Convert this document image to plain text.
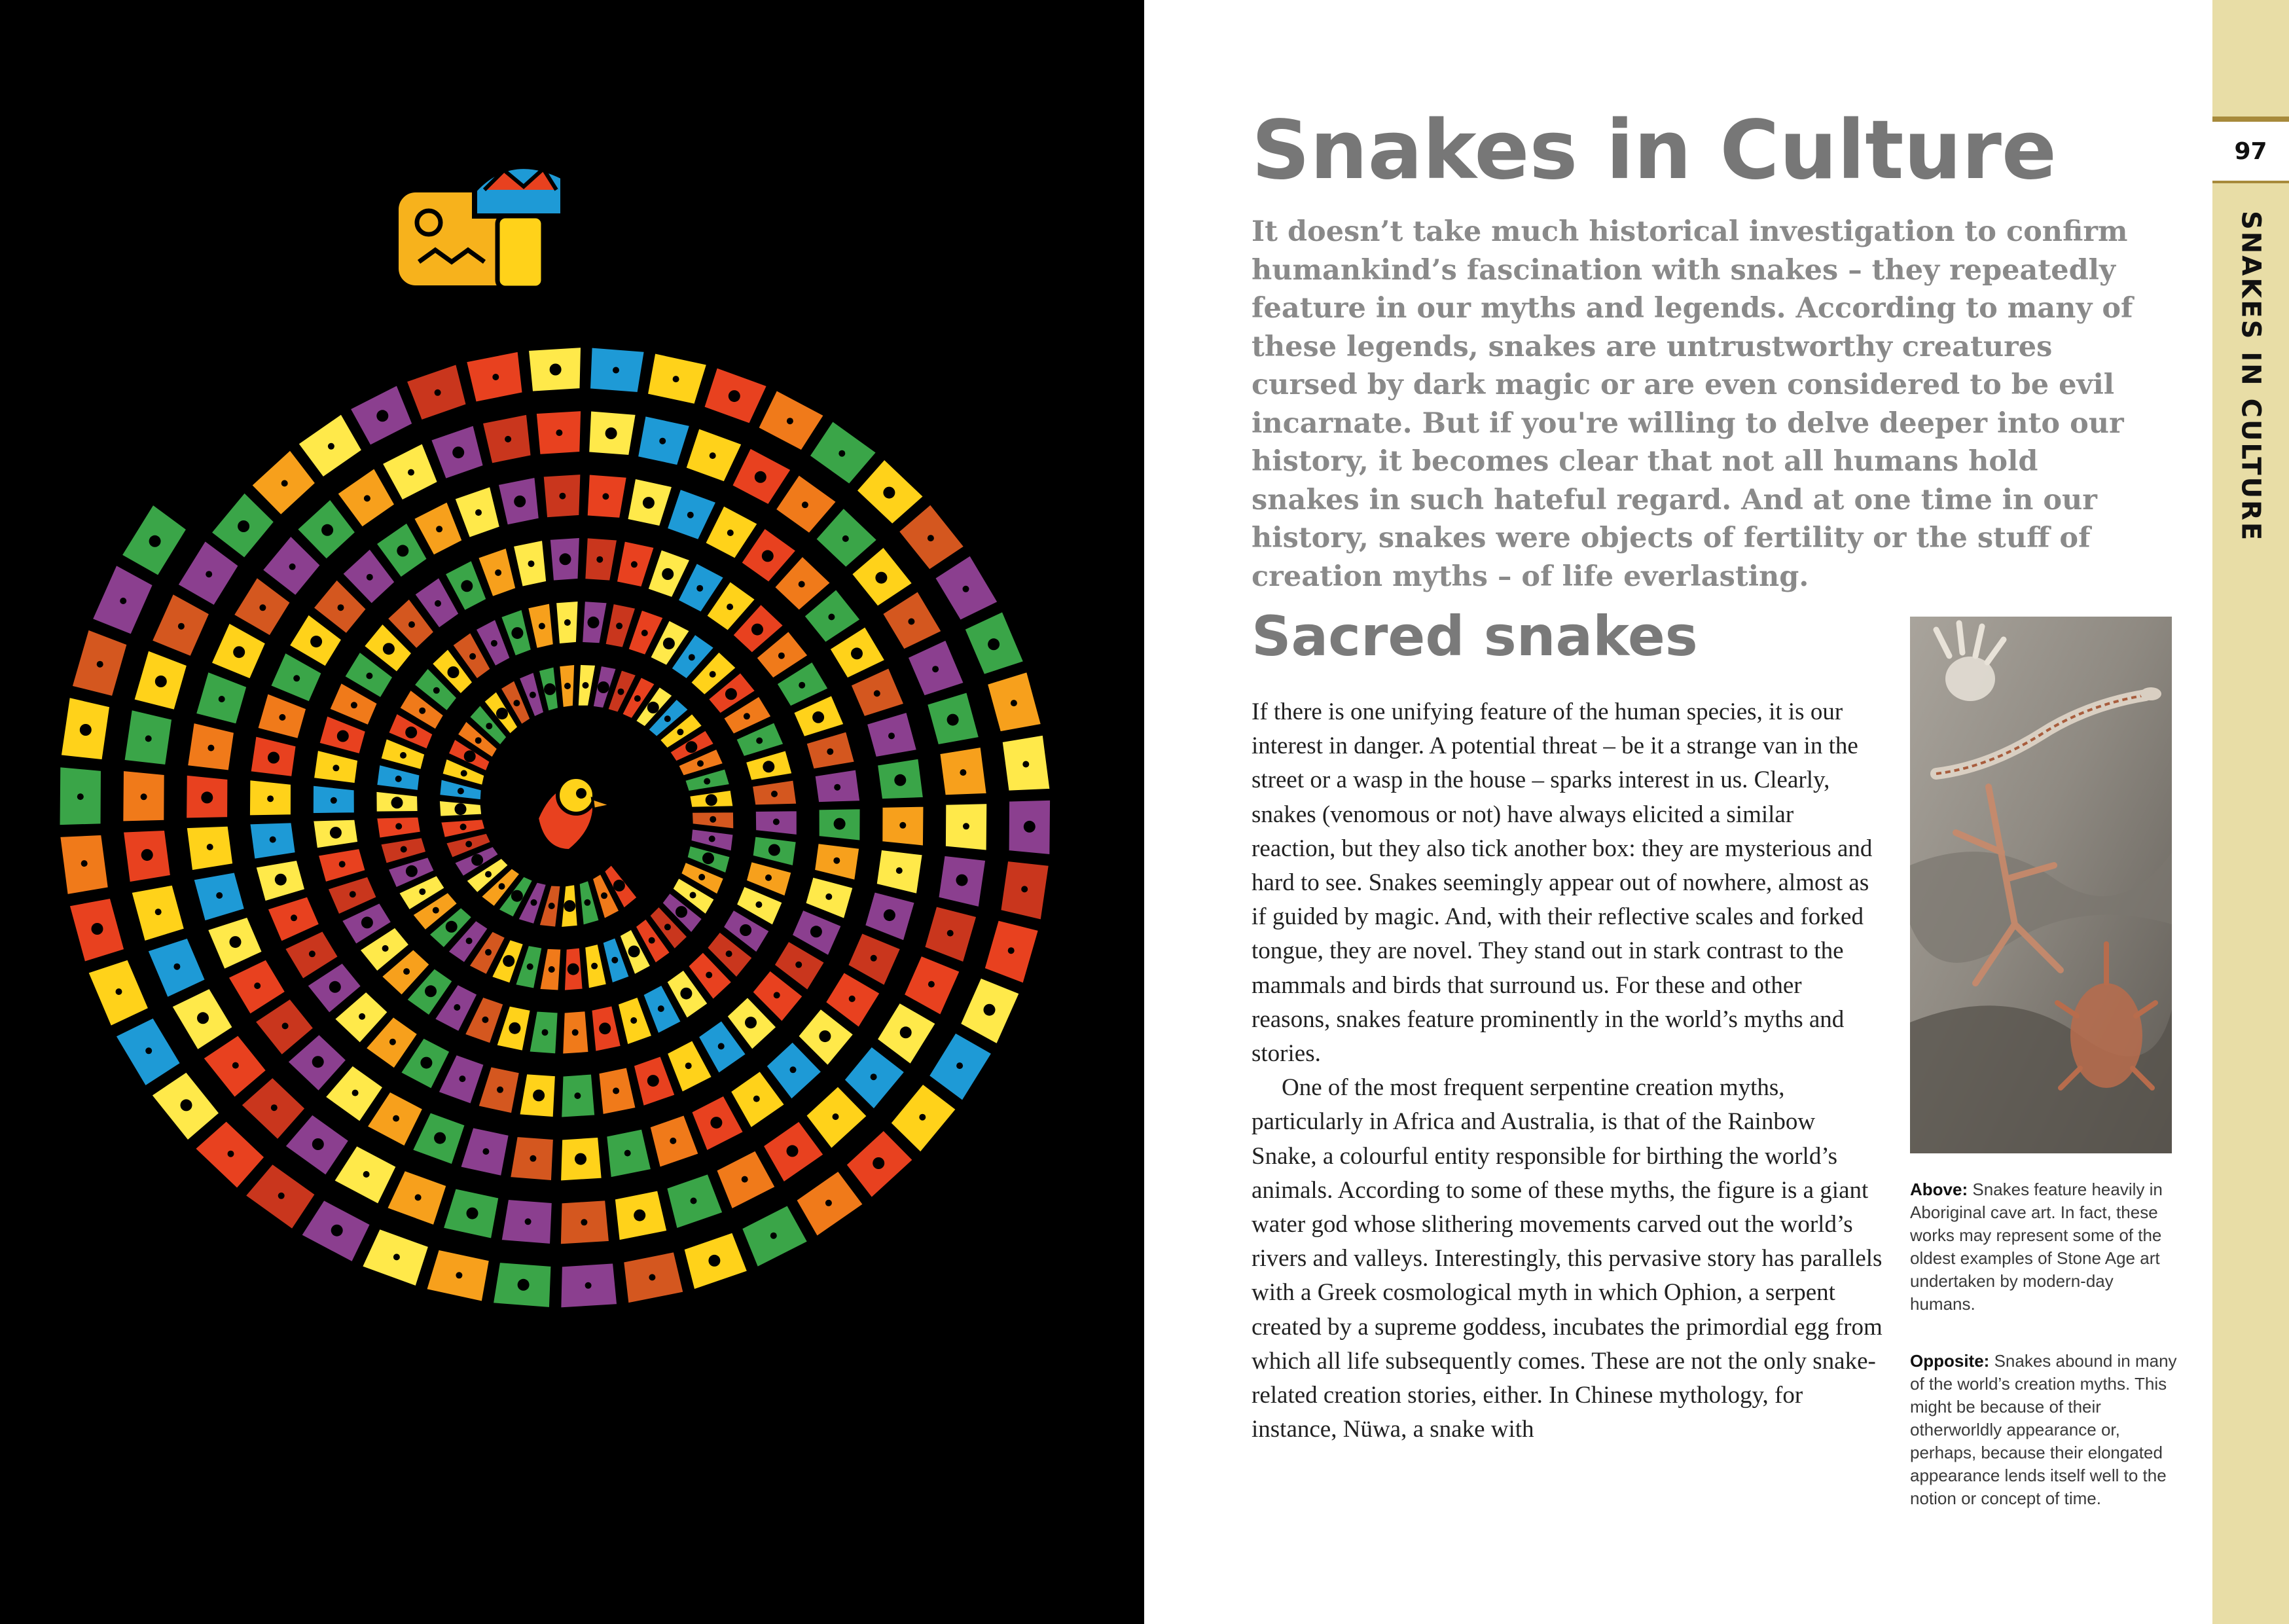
Snakes in Culture

It doesn’t take much historical investigation to confirm humankind’s fascination with snakes – they repeatedly feature in our myths and legends. According to many of these legends, snakes are untrustworthy creatures cursed by dark magic or are even considered to be evil incarnate. But if you're willing to delve deeper into our history, it becomes clear that not all humans hold snakes in such hateful regard. And at one time in our history, snakes were objects of fertility or the stuff of creation myths – of life everlasting.

Sacred snakes

If there is one unifying feature of the human species, it is our interest in danger. A potential threat – be it a strange van in the street or a wasp in the house – sparks interest in us. Clearly, snakes (venomous or not) have always elicited a similar reaction, but they also tick another box: they are mysterious and hard to see. Snakes seemingly appear out of nowhere, almost as if guided by magic. And, with their reflective scales and forked tongue, they are novel. They stand out in stark contrast to the mammals and birds that surround us. For these and other reasons, snakes feature prominently in the world’s myths and stories.

One of the most frequent serpentine creation myths, particularly in Africa and Australia, is that of the Rainbow Snake, a colourful entity responsible for birthing the world’s animals. According to some of these myths, the figure is a giant water god whose slithering movements carved out the world’s rivers and valleys. Interestingly, this pervasive story has parallels with a Greek cosmological myth in which Ophion, a serpent created by a supreme goddess, incubates the primordial egg from which all life subsequently comes. These are not the only snake-related creation stories, either. In Chinese mythology, for instance, Nüwa, a snake with

Above: Snakes feature heavily in Aboriginal cave art. In fact, these works may represent some of the oldest examples of Stone Age art undertaken by modern-day humans.

Opposite: Snakes abound in many of the world’s creation myths. This might be because of their otherworldly appearance or, perhaps, because their elongated appearance lends itself well to the notion or concept of time.

97
SNAKES IN CULTURE
